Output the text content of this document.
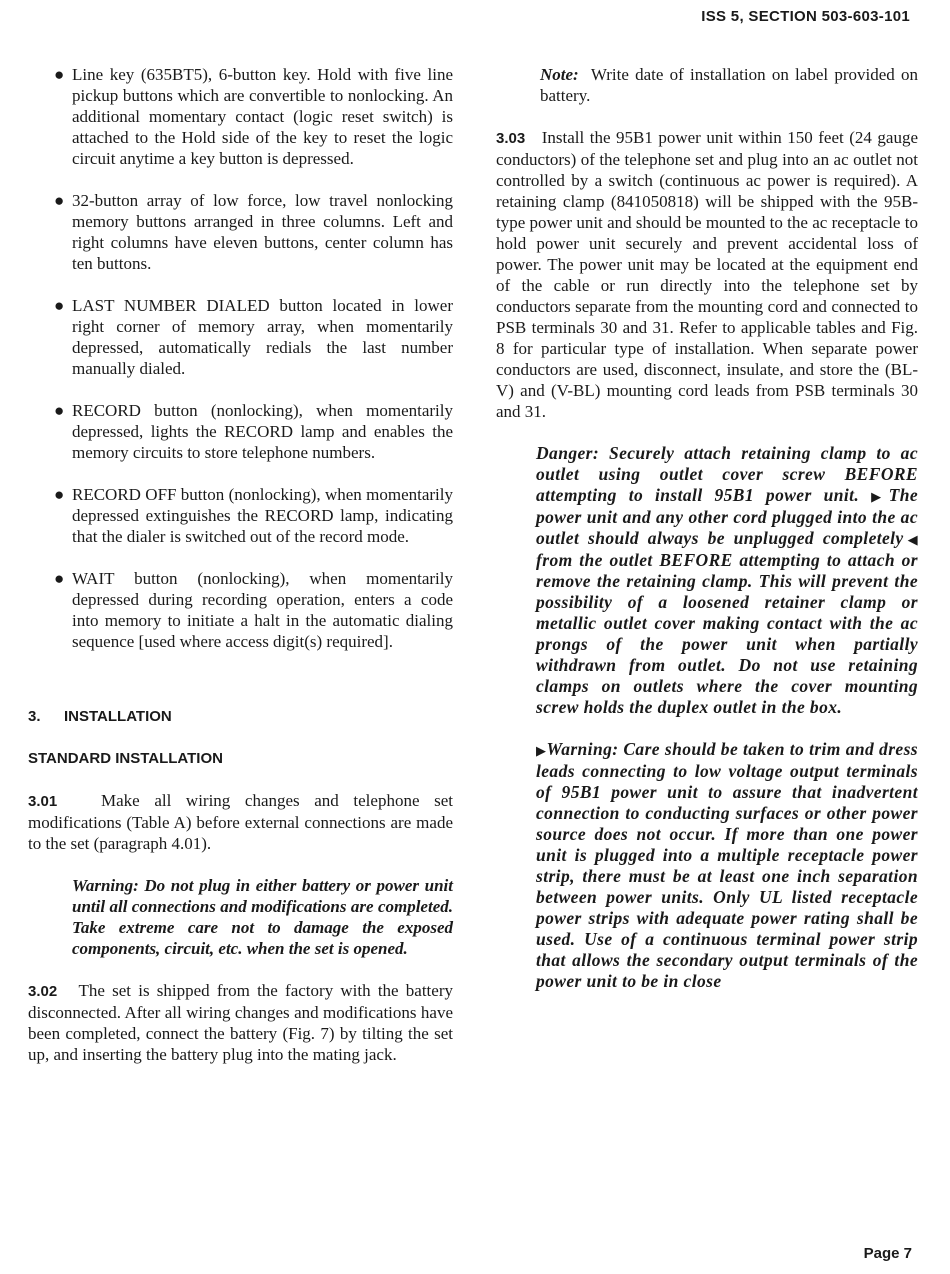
ISS 5, SECTION 503-603-101
● Line key (635BT5), 6-button key. Hold with five line pickup buttons which are convertible to nonlocking. An additional momentary contact (logic reset switch) is attached to the Hold side of the key to reset the logic circuit anytime a key button is depressed.
● 32-button array of low force, low travel nonlocking memory buttons arranged in three columns. Left and right columns have eleven buttons, center column has ten buttons.
● LAST NUMBER DIALED button located in lower right corner of memory array, when momentarily depressed, automatically redials the last number manually dialed.
● RECORD button (nonlocking), when momentarily depressed, lights the RECORD lamp and enables the memory circuits to store telephone numbers.
● RECORD OFF button (nonlocking), when momentarily depressed extinguishes the RECORD lamp, indicating that the dialer is switched out of the record mode.
● WAIT button (nonlocking), when momentarily depressed during recording operation, enters a code into memory to initiate a halt in the automatic dialing sequence [used where access digit(s) required].
3. INSTALLATION
STANDARD INSTALLATION

3.01	Make all wiring changes and telephone set modifications (Table A) before external connections are made to the set (paragraph 4.01).

Warning: Do not plug in either battery or power unit until all connections and modifications are completed. Take extreme care not to damage the exposed components, circuit, etc. when the set is opened.

3.02 The set is shipped from the factory with the battery disconnected. After all wiring changes and modifications have been completed, connect the battery (Fig. 7) by tilting the set up, and inserting the battery plug into the mating jack.

Note: Write date of installation on label provided on battery.

3.03 Install the 95B1 power unit within 150 feet (24 gauge conductors) of the telephone set and plug into an ac outlet not controlled by a switch (continuous ac power is required). A retaining clamp (841050818) will be shipped with the 95B-type power unit and should be mounted to the ac receptacle to hold power unit securely and prevent accidental loss of power. The power unit may be located at the equipment end of the cable or run directly into the telephone set by conductors separate from the mounting cord and connected to PSB terminals 30 and 31. Refer to applicable tables and Fig. 8 for particular type of installation. When separate power conductors are used, disconnect, insulate, and store the (BL-V) and (V-BL) mounting cord leads from PSB terminals 30 and 31.

Danger: Securely attach retaining clamp to ac outlet using outlet cover screw BEFORE attempting to install 95B1 power unit. ▶The power unit and any other cord plugged into the ac outlet should always be unplugged completely◀ from the outlet BEFORE attempting to attach or remove the retaining clamp. This will prevent the possibility of a loosened retainer clamp or metallic outlet cover making contact with the ac prongs of the power unit when partially withdrawn from outlet. Do not use retaining clamps on outlets where the cover mounting screw holds the duplex outlet in the box.
▶Warning: Care should be taken to trim and dress leads connecting to low voltage output terminals of 95B1 power unit to assure that inadvertent connection to conducting surfaces or other power source does not occur. If more than one power unit is plugged into a multiple receptacle power strip, there must be at least one inch separation between power units. Only UL listed receptacle power strips with adequate power rating shall be used. Use of a continuous terminal power strip that allows the secondary output terminals of the power unit to be in close
Page 7
